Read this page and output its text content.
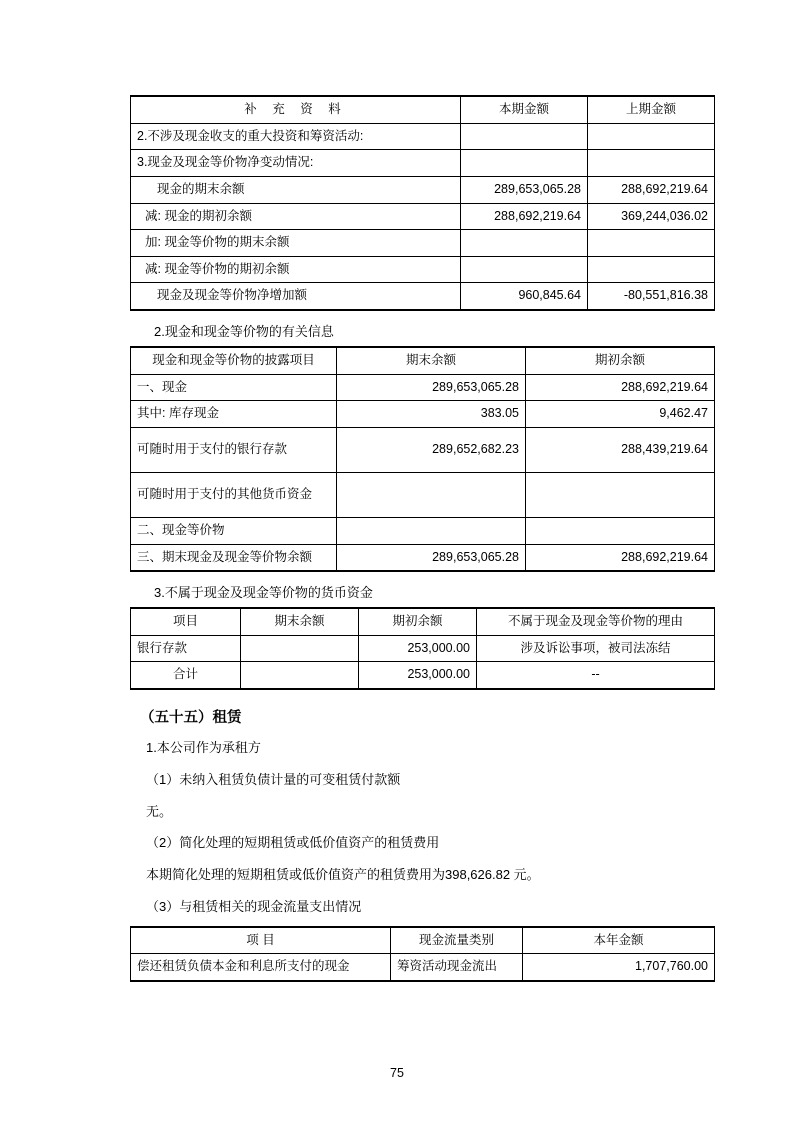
补 充 资 料	本期金额	上期金额
2.不涉及现金收支的重大投资和筹资活动:		
3.现金及现金等价物净变动情况:		
现金的期末余额	289,653,065.28	288,692,219.64
减: 现金的期初余额	288,692,219.64	369,244,036.02
加: 现金等价物的期末余额		
减: 现金等价物的期初余额		
现金及现金等价物净增加额	960,845.64	-80,551,816.38
2.现金和现金等价物的有关信息
现金和现金等价物的披露项目	期末余额	期初余额
一、现金	289,653,065.28	288,692,219.64
其中: 库存现金	383.05	9,462.47
可随时用于支付的银行存款	289,652,682.23	288,439,219.64
可随时用于支付的其他货币资金		
二、现金等价物		
三、期末现金及现金等价物余额	289,653,065.28	288,692,219.64
3.不属于现金及现金等价物的货币资金
项目	期末余额	期初余额	不属于现金及现金等价物的理由
银行存款		253,000.00	涉及诉讼事项，被司法冻结
合计		253,000.00	--
（五十五）租赁
1.本公司作为承租方
（1）未纳入租赁负债计量的可变租赁付款额
无。
（2）简化处理的短期租赁或低价值资产的租赁费用
本期简化处理的短期租赁或低价值资产的租赁费用为398,626.82 元。
（3）与租赁相关的现金流量支出情况
项 目	现金流量类别	本年金额
偿还租赁负债本金和利息所支付的现金	筹资活动现金流出	1,707,760.00
75
